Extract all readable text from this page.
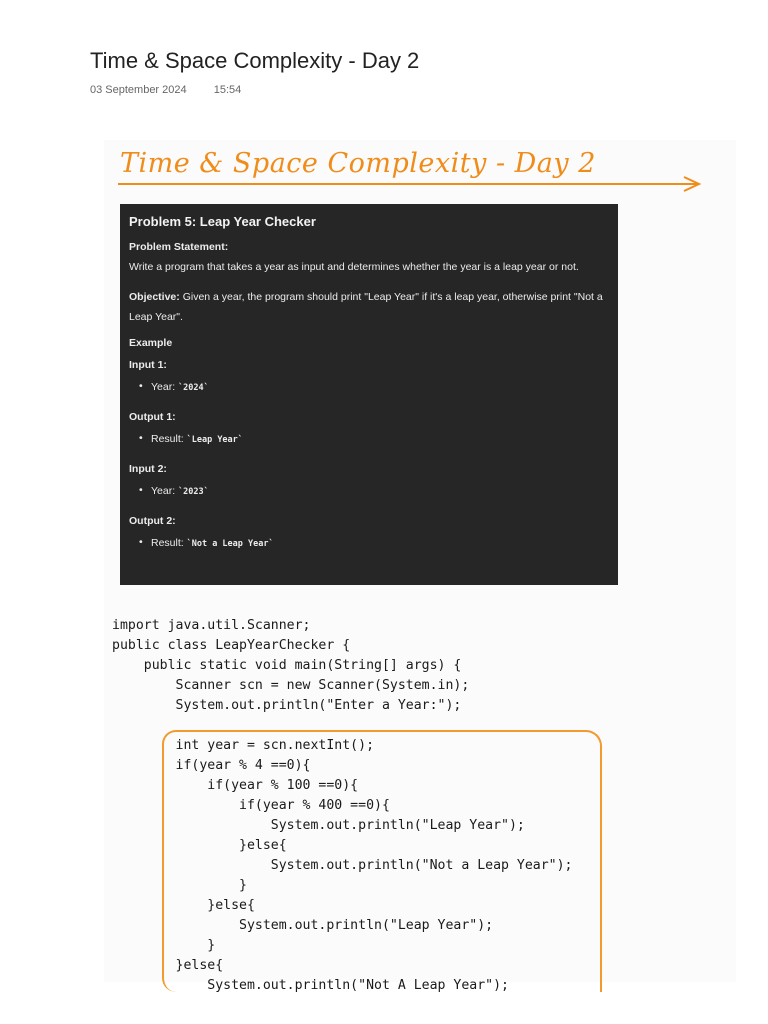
Time & Space Complexity - Day 2
03 September 2024 15:54
Time & Space Complexity - Day 2
Problem 5: Leap Year Checker
Problem Statement:
Write a program that takes a year as input and determines whether the year is a leap year or not.
Objective: Given a year, the program should print "Leap Year" if it's a leap year, otherwise print "Not a Leap Year".
Example
Input 1:
• Year: `2024`
Output 1:
• Result: `Leap Year`
Input 2:
• Year: `2023`
Output 2:
• Result: `Not a Leap Year`
import java.util.Scanner;
public class LeapYearChecker {
public static void main(String[] args) {
Scanner scn = new Scanner(System.in);
System.out.println("Enter a Year:");

int year = scn.nextInt();
if(year % 4 ==0){
if(year % 100 ==0){
if(year % 400 ==0){
System.out.println("Leap Year");
}else{
System.out.println("Not a Leap Year");
}
}else{
System.out.println("Leap Year");
}
}else{
System.out.println("Not A Leap Year");
